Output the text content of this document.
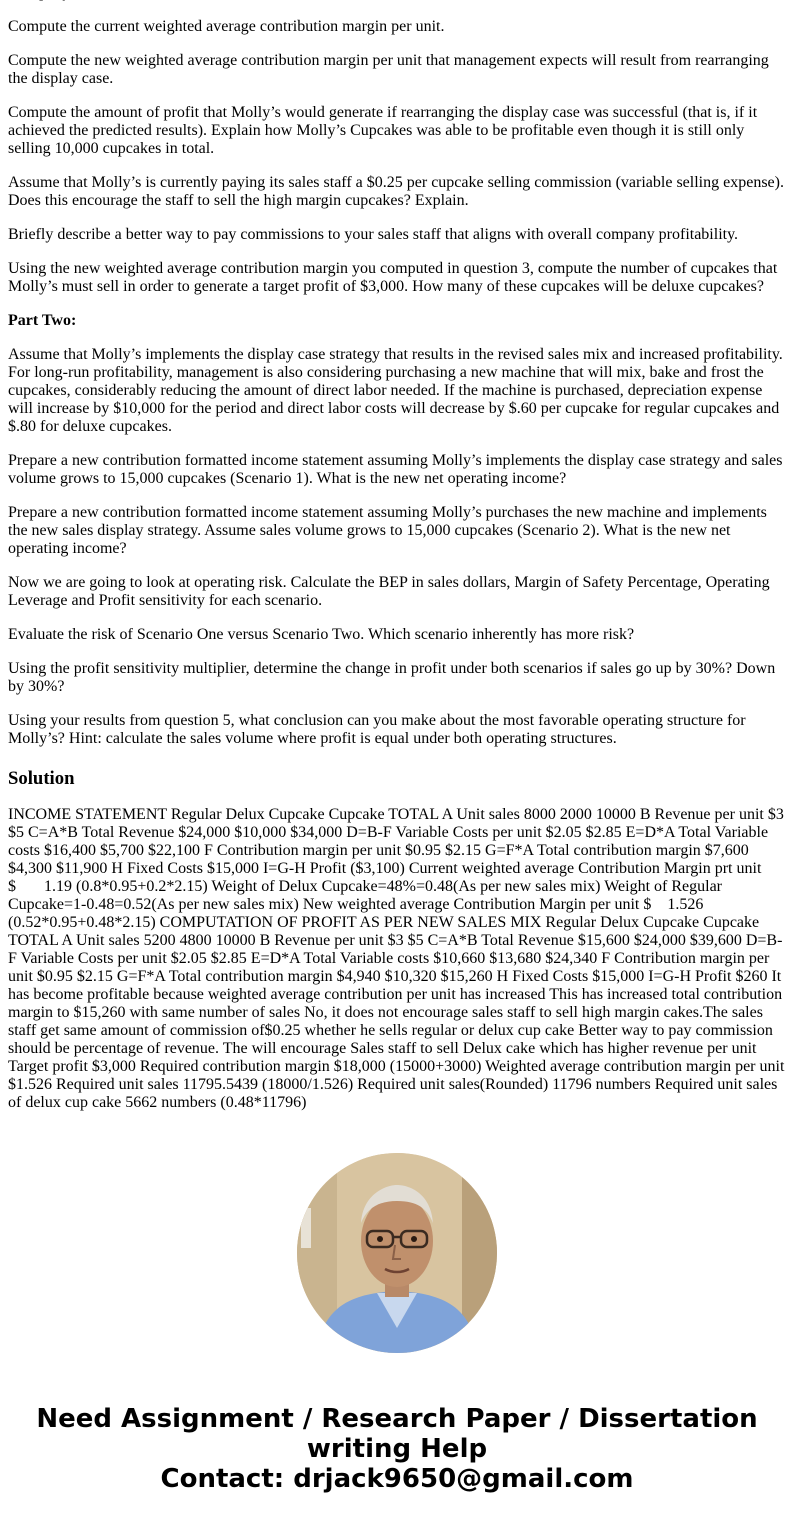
Compute the current weighted average contribution margin per unit.

Compute the new weighted average contribution margin per unit that management expects will result from rearranging the display case.

Compute the amount of profit that Molly’s would generate if rearranging the display case was successful (that is, if it achieved the predicted results). Explain how Molly’s Cupcakes was able to be profitable even though it is still only selling 10,000 cupcakes in total.

Assume that Molly’s is currently paying its sales staff a $0.25 per cupcake selling commission (variable selling expense). Does this encourage the staff to sell the high margin cupcakes? Explain.

Briefly describe a better way to pay commissions to your sales staff that aligns with overall company profitability.

Using the new weighted average contribution margin you computed in question 3, compute the number of cupcakes that Molly’s must sell in order to generate a target profit of $3,000. How many of these cupcakes will be deluxe cupcakes?

Part Two:

Assume that Molly’s implements the display case strategy that results in the revised sales mix and increased profitability. For long-run profitability, management is also considering purchasing a new machine that will mix, bake and frost the cupcakes, considerably reducing the amount of direct labor needed. If the machine is purchased, depreciation expense will increase by $10,000 for the period and direct labor costs will decrease by $.60 per cupcake for regular cupcakes and $.80 for deluxe cupcakes.

Prepare a new contribution formatted income statement assuming Molly’s implements the display case strategy and sales volume grows to 15,000 cupcakes (Scenario 1). What is the new net operating income?

Prepare a new contribution formatted income statement assuming Molly’s purchases the new machine and implements the new sales display strategy. Assume sales volume grows to 15,000 cupcakes (Scenario 2). What is the new net operating income?

Now we are going to look at operating risk. Calculate the BEP in sales dollars, Margin of Safety Percentage, Operating Leverage and Profit sensitivity for each scenario.

Evaluate the risk of Scenario One versus Scenario Two. Which scenario inherently has more risk?

Using the profit sensitivity multiplier, determine the change in profit under both scenarios if sales go up by 30%? Down by 30%?

Using your results from question 5, what conclusion can you make about the most favorable operating structure for Molly’s? Hint: calculate the sales volume where profit is equal under both operating structures.

Solution

INCOME STATEMENT Regular Delux Cupcake Cupcake TOTAL A Unit sales 8000 2000 10000 B Revenue per unit $3 $5 C=A*B Total Revenue $24,000 $10,000 $34,000 D=B-F Variable Costs per unit $2.05 $2.85 E=D*A Total Variable costs $16,400 $5,700 $22,100 F Contribution margin per unit $0.95 $2.15 G=F*A Total contribution margin $7,600 $4,300 $11,900 H Fixed Costs $15,000 I=G-H Profit ($3,100) Current weighted average Contribution Margin prt unit $       1.19 (0.8*0.95+0.2*2.15) Weight of Delux Cupcake=48%=0.48(As per new sales mix) Weight of Regular Cupcake=1-0.48=0.52(As per new sales mix) New weighted average Contribution Margin per unit $    1.526 (0.52*0.95+0.48*2.15) COMPUTATION OF PROFIT AS PER NEW SALES MIX Regular Delux Cupcake Cupcake TOTAL A Unit sales 5200 4800 10000 B Revenue per unit $3 $5 C=A*B Total Revenue $15,600 $24,000 $39,600 D=B-F Variable Costs per unit $2.05 $2.85 E=D*A Total Variable costs $10,660 $13,680 $24,340 F Contribution margin per unit $0.95 $2.15 G=F*A Total contribution margin $4,940 $10,320 $15,260 H Fixed Costs $15,000 I=G-H Profit $260 It has become profitable because weighted average contribution per unit has increased This has increased total contribution margin to $15,260 with same number of sales No, it does not encourage sales staff to sell high margin cakes.The sales staff get same amount of commission of$0.25 whether he sells regular or delux cup cake Better way to pay commission should be percentage of revenue. The will encourage Sales staff to sell Delux cake which has higher revenue per unit Target profit $3,000 Required contribution margin $18,000 (15000+3000) Weighted average contribution margin per unit $1.526 Required unit sales 11795.5439 (18000/1.526) Required unit sales(Rounded) 11796 numbers Required unit sales of delux cup cake 5662 numbers (0.48*11796)

Need Assignment / Research Paper / Dissertation
writing Help
Contact: drjack9650@gmail.com
